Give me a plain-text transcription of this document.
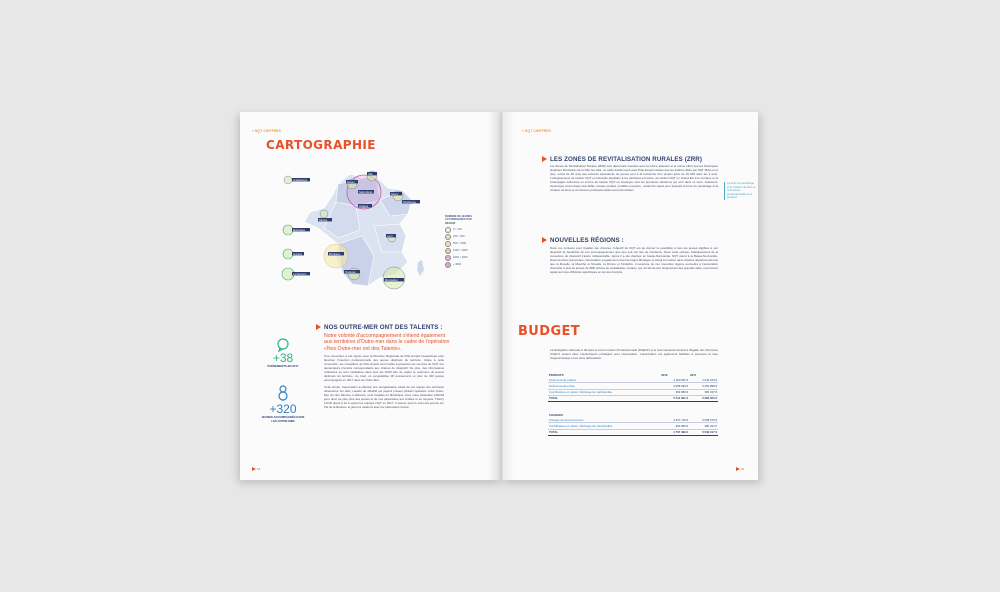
» NQT CHIFFRES
CARTOGRAPHIE
Lille
Rouen
Saint-Denis
Nancy
Strasbourg
Orléans
Nantes
Bordeaux
Lyon
Toulouse
Montpellier
Guadeloupe
Martinique
Guyane
La Réunion
NOMBRE DE JEUNES ACCOMPAGNÉS PAR RÉGION
0 > 200
200 > 500
500 > 1000
1000 > 2000
2000 > 4000
+ 4000
+38
ÉVÉNEMENTS EN 2017
+320
JEUNES ACCOMPAGNÉS DANS LES OUTRE-MER
NOS OUTRE-MER ONT DES TALENTS :
Notre volonté d'accompagnement s'étend également aux territoires d'Outre-mer dans le cadre de l'opération «Nos Outre-mer ont des Talents».

Une convention a été signée avec la Direction Régionale de Pôle Emploi Guadeloupe pour favoriser l'insertion professionnelle des jeunes diplômés du territoire. Grâce à cette convention, les conseillers de Pôle Emploi sont invités à présenter les services de NQT aux demandeurs d'emploi correspondants aux critères du dispositif. De plus, des informations collectives se sont multipliées dans tous les DOM afin de capter le maximum de jeunes diplômés du territoire. Au total, on comptabilise 38 événements et plus de 320 jeunes accompagnés en 2017 dans les Outre-Mer.

Cette année, l'association a effectué une réorganisation totale de son équipe des territoires ultramarins. En effet, Laetitia de JAHAM qui jusqu'à présent pilotait l'opération «Nos Outre-Mer ont des Talents» à distance, s'est installée en Martinique. Avec notre partenaire LADOM pour donc au plus près des jeunes et de nos partenaires aux Antilles et en Guyane. Thierry LAOD quant à lui a rejoint les équipes NQT en 2017. Il assure ainsi le suivi des jeunes sur l'île de la Réunion et gère les relations avec les partenaires locaux.

18
» NQT CHIFFRES
LES ZONES DE REVITALISATION RURALES (ZRR)
Les Zones de Revitalisation Rurales (ZRR) sont désormais investies avec la même attention et le même effort que les historiques Quartiers Prioritaires de la Ville. En effet, un vaste travail mené avec Pôle Emploi indique que les publics ciblés par NQT (BAC+3 et plus, moins de 30 ans) des volumes équivalents de jeunes sont à la recherche d'un emploi (plus de 15 000 dans les 2 ans). L'élargissement de l'action NQT en Nouvelle-Aquitaine à les territoires Limousin, de l'action NQT en Grand-Est à la Lorraine et la Champagne Ardennes ou encore de l'action NQT en Auvergne sont les premières décisions qui vont dans ce sens. Isolement, dynamique économique plus faible, réseau enclavé, mobilité complexe : autant de sujets pour lesquels la force du parrainage et la création de liens et connexions professionnelles sont primordiaux.
La force du parrainage et la création de liens et connexions professionnelles sont précieux
NOUVELLES RÉGIONS :
Dans ces contexte pour l'égalité des chances, l'objectif de NQT est de donner la possibilité à tous les jeunes éligibles à son dispositif de bénéficier de son accompagnement quel que soit son lieu de résidence. Dans cette optique, l'élargissement de la couverture du dispositif s'avère indispensable. Après il a été d'activer en Haute-Normandie, NQT étend à la Basse-Normandie. Dans la même dynamique, l'association a également ouvert la région Bretagne et élargi son action dans d'autres départements tels que la Moselle, la Meurthe et Moselle, la Drôme et l'Ardèche. L'ouverture de ces nouvelles régions permettra à l'association d'accéder à plus de jeunes de ZRR (Zones de revitalisation rurales), qui, du fait de leur éloignement des grandes villes, rencontrent également des difficultés spécifiques en termes d'emploi.
BUDGET
La Délégation Générale à l'Emploi et à la Formation Professionnelle (DGEFP) et le Commissariat Général à l'Égalité des Territoires (CGET) restent deux interlocuteurs privilégiés pour l'association. L'association est également habilitée à percevoir la taxe d'apprentissage et les dons défiscalisés.
PRODUITS	2016	2017
Financements publics	1 302 811 €	1 042 154 €
Financements privés	3 268 939 €	3 252 898 €
Contributions en nature / Échange de marchandise	369 683 €	380 347 €
TOTAL	5 041 621 €	5 283 000 €
CHARGES		
Charges de fonctionnement	4 337 716 €	4 058 970 €
Contributions en nature / Échange de marchandise	369 683 €	380 347 €
TOTAL	4 707 399 €	5 539 317 €
19
